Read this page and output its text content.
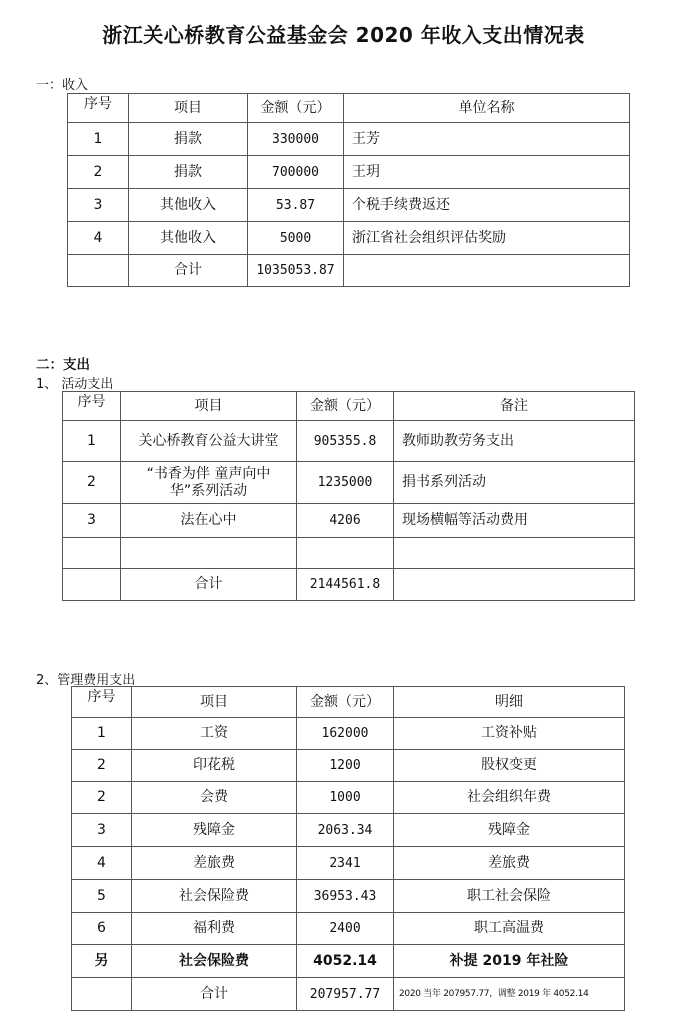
浙江关心桥教育公益基金会 2020 年收入支出情况表
一：收入
序号	项目	金额（元）	单位名称
1	捐款	330000	王芳
2	捐款	700000	王玥
3	其他收入	53.87	个税手续费返还
4	其他收入	5000	浙江省社会组织评估奖励
	合计	1035053.87	
二：支出
1、 活动支出
序号	项目	金额（元）	备注
1	关心桥教育公益大讲堂	905355.8	教师助教劳务支出
2	“书香为伴 童声向中华”系列活动	1235000	捐书系列活动
3	法在心中	4206	现场横幅等活动费用

	合计	2144561.8	
2、管理费用支出
序号	项目	金额（元）	明细
1	工资	162000	工资补贴
2	印花税	1200	股权变更
2	会费	1000	社会组织年费
3	残障金	2063.34	残障金
4	差旅费	2341	差旅费
5	社会保险费	36953.43	职工社会保险
6	福利费	2400	职工高温费
另	社会保险费	4052.14	补提 2019 年社险
	合计	207957.77	2020 当年 207957.77，调整 2019 年 4052.14
